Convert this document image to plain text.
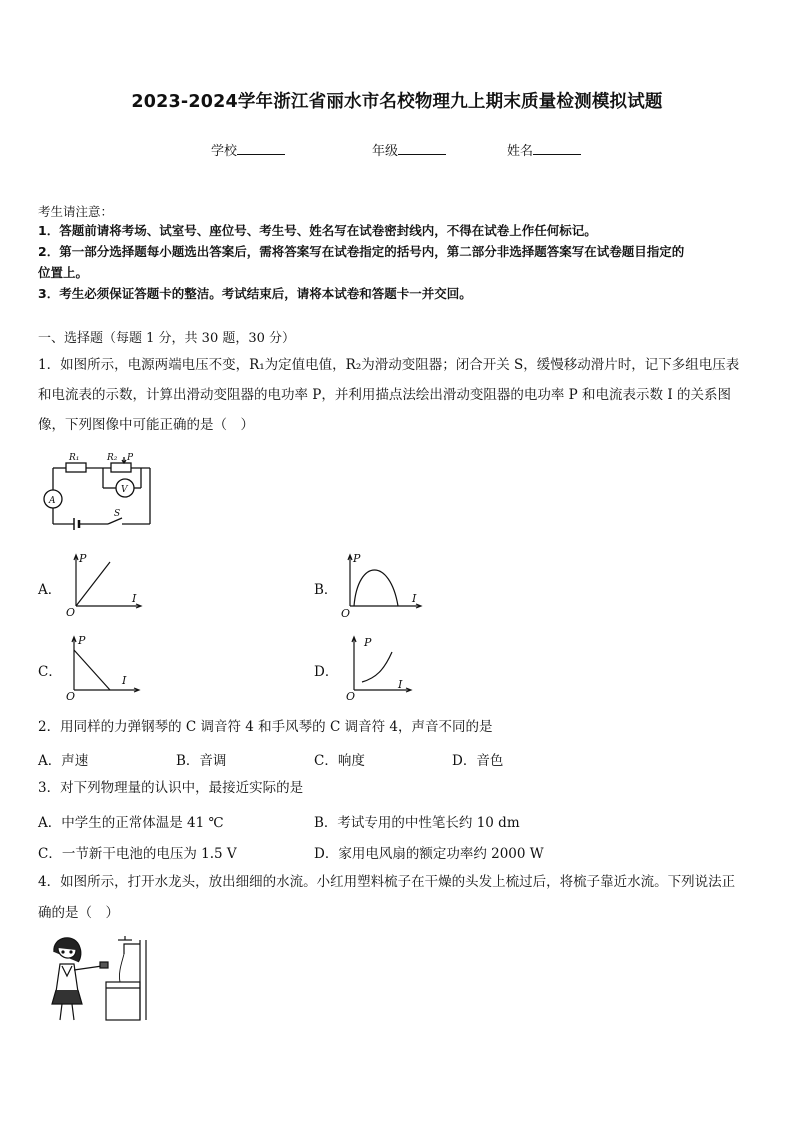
2023-2024学年浙江省丽水市名校物理九上期末质量检测模拟试题
学校	年级	姓名
考生请注意：
1．答题前请将考场、试室号、座位号、考生号、姓名写在试卷密封线内，不得在试卷上作任何标记。
2．第一部分选择题每小题选出答案后，需将答案写在试卷指定的括号内，第二部分非选择题答案写在试卷题目指定的
位置上。
3．考生必须保证答题卡的整洁。考试结束后，请将本试卷和答题卡一并交回。
一、选择题（每题 1 分，共 30 题，30 分）
1．如图所示，电源两端电压不变，R₁为定值电值，R₂为滑动变阻器；闭合开关 S，缓慢移动滑片时，记下多组电压表
和电流表的示数，计算出滑动变阻器的电功率 P，并利用描点法绘出滑动变阻器的电功率 P 和电流表示数 I 的关系图
像，下列图像中可能正确的是（　）
R₁	R₂ P
A
V
S
A．
P
I
O
B．
P
I
O
C．
P
I
O
D．
P
I
O
2．用同样的力弹钢琴的 C 调音符 4 和手风琴的 C 调音符 4，声音不同的是
A．声速	B．音调	C．响度	D．音色
3．对下列物理量的认识中，最接近实际的是
A．中学生的正常体温是 41 ℃	B．考试专用的中性笔长约 10 dm
C．一节新干电池的电压为 1.5 V	D．家用电风扇的额定功率约 2000 W
4．如图所示，打开水龙头，放出细细的水流。小红用塑料梳子在干燥的头发上梳过后，将梳子靠近水流。下列说法正
确的是（　）
